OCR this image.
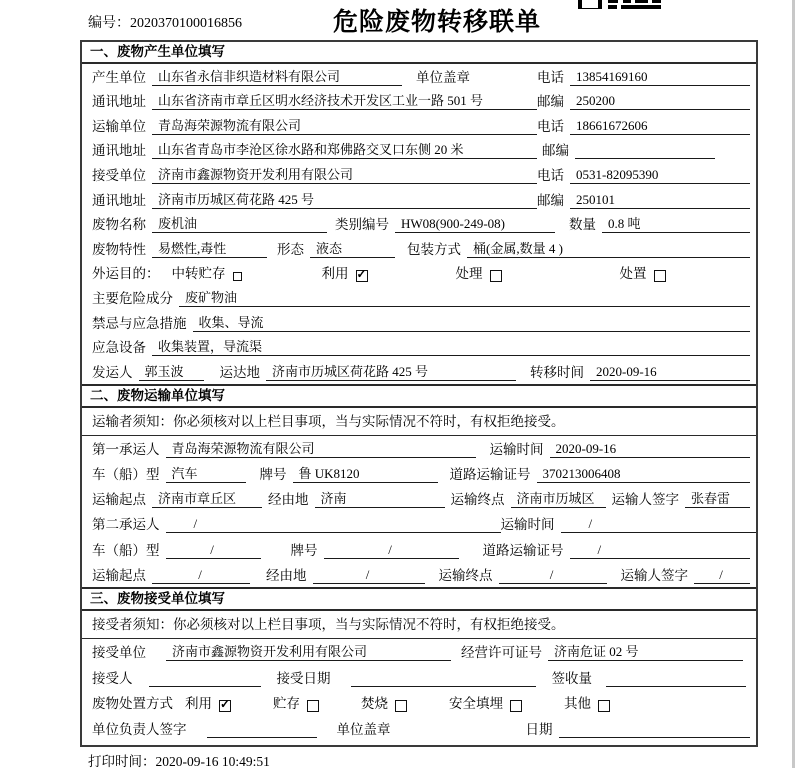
编号：2020370100016856	危险废物转移联单
一、废物产生单位填写
产生单位 山东省永信非织造材料有限公司	单位盖章	电话 13854169160
通讯地址 山东省济南市章丘区明水经济技术开发区工业一路 501 号	邮编 250200
运输单位 青岛海荣源物流有限公司	电话 18661672606
通讯地址 山东省青岛市李沧区徐水路和郑佛路交叉口东侧 20 米	邮编
接受单位 济南市鑫源物资开发利用有限公司	电话 0531-82095390
通讯地址 济南市历城区荷花路 425 号	邮编 250101
废物名称 废机油	类别编号 HW08(900-249-08)	数量 0.8 吨
废物特性 易燃性,毒性	形态 液态	包装方式 桶(金属,数量 4 )
外运目的： 中转贮存	利用 ✓	处理	处置
主要危险成分 废矿物油
禁忌与应急措施 收集、导流
应急设备 收集装置，导流渠
发运人 郭玉波	运达地 济南市历城区荷花路 425 号	转移时间 2020-09-16
二、废物运输单位填写
运输者须知：你必须核对以上栏目事项，当与实际情况不符时，有权拒绝接受。
第一承运人 青岛海荣源物流有限公司	运输时间 2020-09-16
车（船）型 汽车	牌号 鲁 UK8120	道路运输证号 370213006408
运输起点 济南市章丘区	经由地 济南	运输终点 济南市历城区	运输人签字 张春雷
第二承运人	/	运输时间	/
车（船）型	/	牌号	/	道路运输证号	/
运输起点	/	经由地	/	运输终点	/	运输人签字	/
三、废物接受单位填写
接受者须知：你必须核对以上栏目事项，当与实际情况不符时，有权拒绝接受。
接受单位	济南市鑫源物资开发利用有限公司	经营许可证号 济南危证 02 号
接受人	接受日期	签收量
废物处置方式 利用 ✓	贮存	焚烧	安全填埋	其他
单位负责人签字	单位盖章	日期
打印时间：2020-09-16 10:49:51
